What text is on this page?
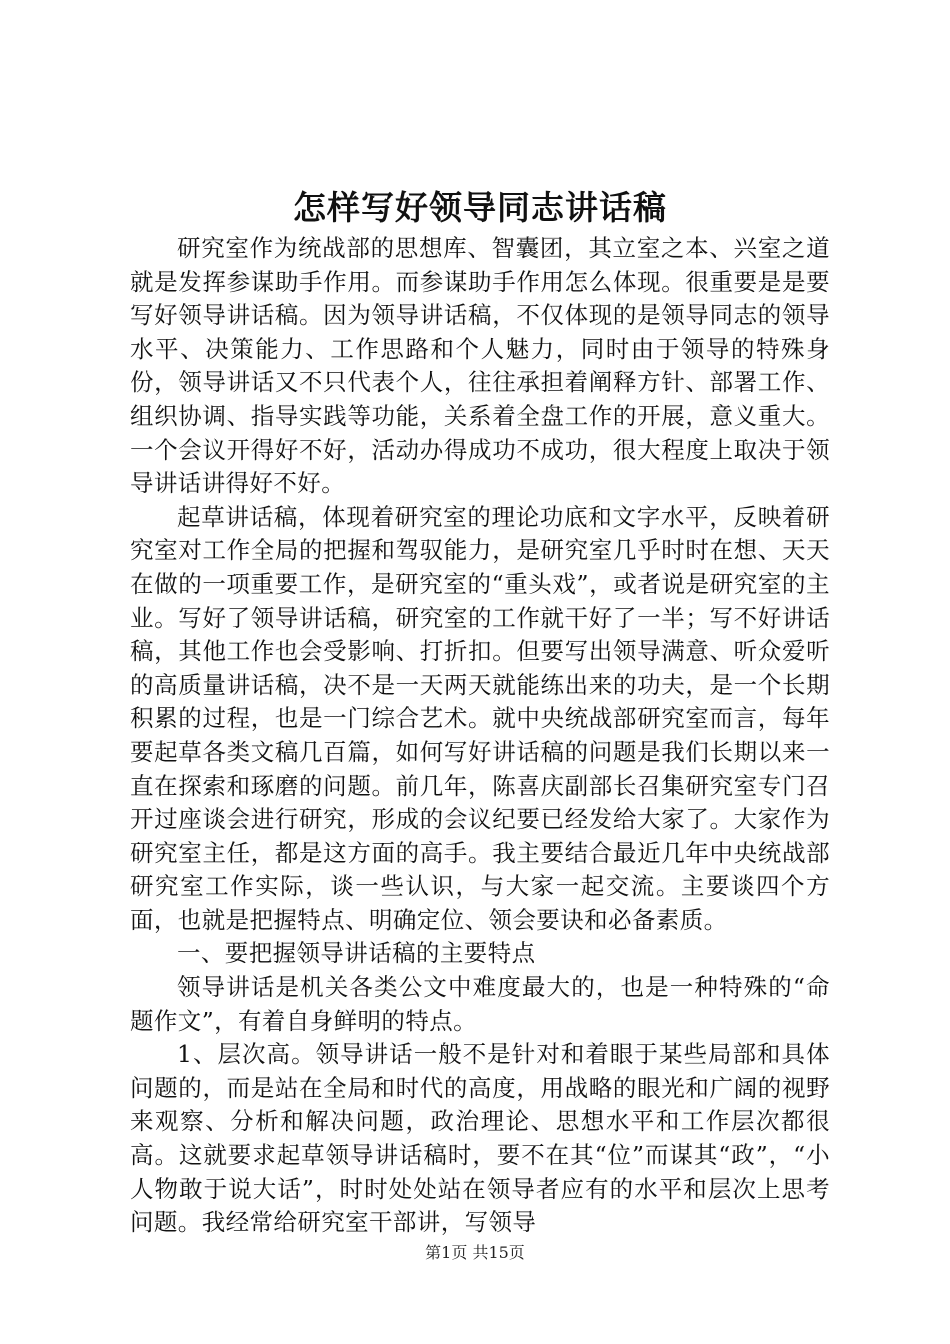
怎样写好领导同志讲话稿

研究室作为统战部的思想库、智囊团，其立室之本、兴室之道就是发挥参谋助手作用。而参谋助手作用怎么体现。很重要是是要写好领导讲话稿。因为领导讲话稿，不仅体现的是领导同志的领导水平、决策能力、工作思路和个人魅力，同时由于领导的特殊身份，领导讲话又不只代表个人，往往承担着阐释方针、部署工作、组织协调、指导实践等功能，关系着全盘工作的开展，意义重大。一个会议开得好不好，活动办得成功不成功，很大程度上取决于领导讲话讲得好不好。

起草讲话稿，体现着研究室的理论功底和文字水平，反映着研究室对工作全局的把握和驾驭能力，是研究室几乎时时在想、天天在做的一项重要工作，是研究室的“重头戏”，或者说是研究室的主业。写好了领导讲话稿，研究室的工作就干好了一半；写不好讲话稿，其他工作也会受影响、打折扣。但要写出领导满意、听众爱听的高质量讲话稿，决不是一天两天就能练出来的功夫，是一个长期积累的过程，也是一门综合艺术。就中央统战部研究室而言，每年要起草各类文稿几百篇，如何写好讲话稿的问题是我们长期以来一直在探索和琢磨的问题。前几年，陈喜庆副部长召集研究室专门召开过座谈会进行研究，形成的会议纪要已经发给大家了。大家作为研究室主任，都是这方面的高手。我主要结合最近几年中央统战部研究室工作实际，谈一些认识，与大家一起交流。主要谈四个方面，也就是把握特点、明确定位、领会要诀和必备素质。

一、要把握领导讲话稿的主要特点

领导讲话是机关各类公文中难度最大的，也是一种特殊的“命题作文”，有着自身鲜明的特点。

1、层次高。领导讲话一般不是针对和着眼于某些局部和具体问题的，而是站在全局和时代的高度，用战略的眼光和广阔的视野来观察、分析和解决问题，政治理论、思想水平和工作层次都很高。这就要求起草领导讲话稿时，要不在其“位”而谋其“政”，“小人物敢于说大话”，时时处处站在领导者应有的水平和层次上思考问题。我经常给研究室干部讲，写领导

第1页 共15页
